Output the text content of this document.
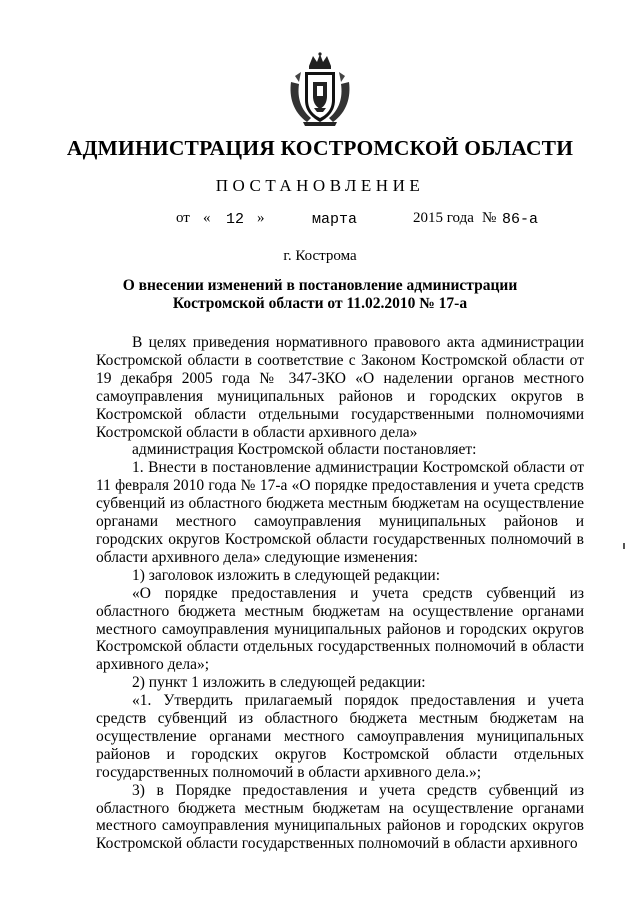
АДМИНИСТРАЦИЯ КОСТРОМСКОЙ ОБЛАСТИ
ПОСТАНОВЛЕНИЕ
от « 12 »	марта	2015 года № 86-а
г. Кострома
О внесении изменений в постановление администрации
Костромской области от 11.02.2010 № 17-а

В целях приведения нормативного правового акта администрации Костромской области в соответствие с Законом Костромской области от 19 декабря 2005 года № 347-ЗКО «О наделении органов местного самоуправления муниципальных районов и городских округов в Костромской области отдельными государственными полномочиями Костромской области в области архивного дела»

администрация Костромской области постановляет:

1. Внести в постановление администрации Костромской области от 11 февраля 2010 года № 17-а «О порядке предоставления и учета средств субвенций из областного бюджета местным бюджетам на осуществление органами местного самоуправления муниципальных районов и городских округов Костромской области государственных полномочий в области архивного дела» следующие изменения:

1) заголовок изложить в следующей редакции:

«О порядке предоставления и учета средств субвенций из областного бюджета местным бюджетам на осуществление органами местного самоуправления муниципальных районов и городских округов Костромской области отдельных государственных полномочий в области архивного дела»;

2) пункт 1 изложить в следующей редакции:

«1. Утвердить прилагаемый порядок предоставления и учета средств субвенций из областного бюджета местным бюджетам на осуществление органами местного самоуправления муниципальных районов и городских округов Костромской области отдельных государственных полномочий в области архивного дела.»;

3) в Порядке предоставления и учета средств субвенций из областного бюджета местным бюджетам на осуществление органами местного самоуправления муниципальных районов и городских округов Костромской области государственных полномочий в области архивного
